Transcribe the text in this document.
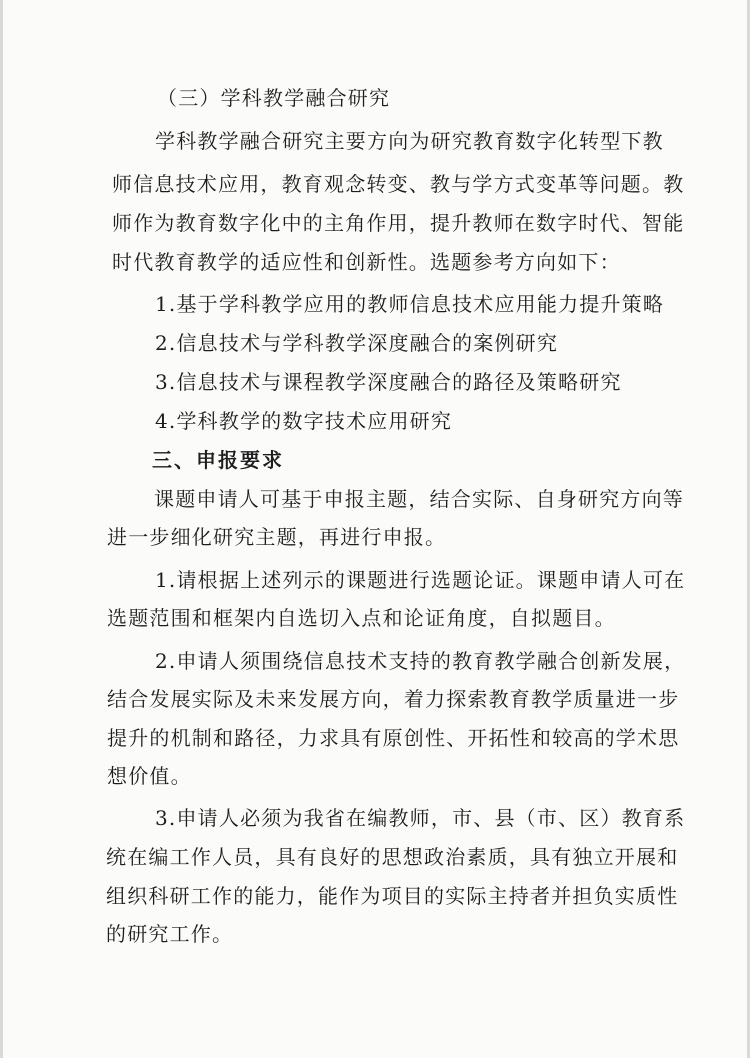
（三）学科教学融合研究
学科教学融合研究主要方向为研究教育数字化转型下教
师信息技术应用，教育观念转变、教与学方式变革等问题。教
师作为教育数字化中的主角作用，提升教师在数字时代、智能
时代教育教学的适应性和创新性。选题参考方向如下：
1.基于学科教学应用的教师信息技术应用能力提升策略
2.信息技术与学科教学深度融合的案例研究
3.信息技术与课程教学深度融合的路径及策略研究
4.学科教学的数字技术应用研究
三、申报要求
课题申请人可基于申报主题，结合实际、自身研究方向等
进一步细化研究主题，再进行申报。
1.请根据上述列示的课题进行选题论证。课题申请人可在
选题范围和框架内自选切入点和论证角度，自拟题目。
2.申请人须围绕信息技术支持的教育教学融合创新发展，
结合发展实际及未来发展方向，着力探索教育教学质量进一步
提升的机制和路径，力求具有原创性、开拓性和较高的学术思
想价值。
3.申请人必须为我省在编教师，市、县（市、区）教育系
统在编工作人员，具有良好的思想政治素质，具有独立开展和
组织科研工作的能力，能作为项目的实际主持者并担负实质性
的研究工作。
